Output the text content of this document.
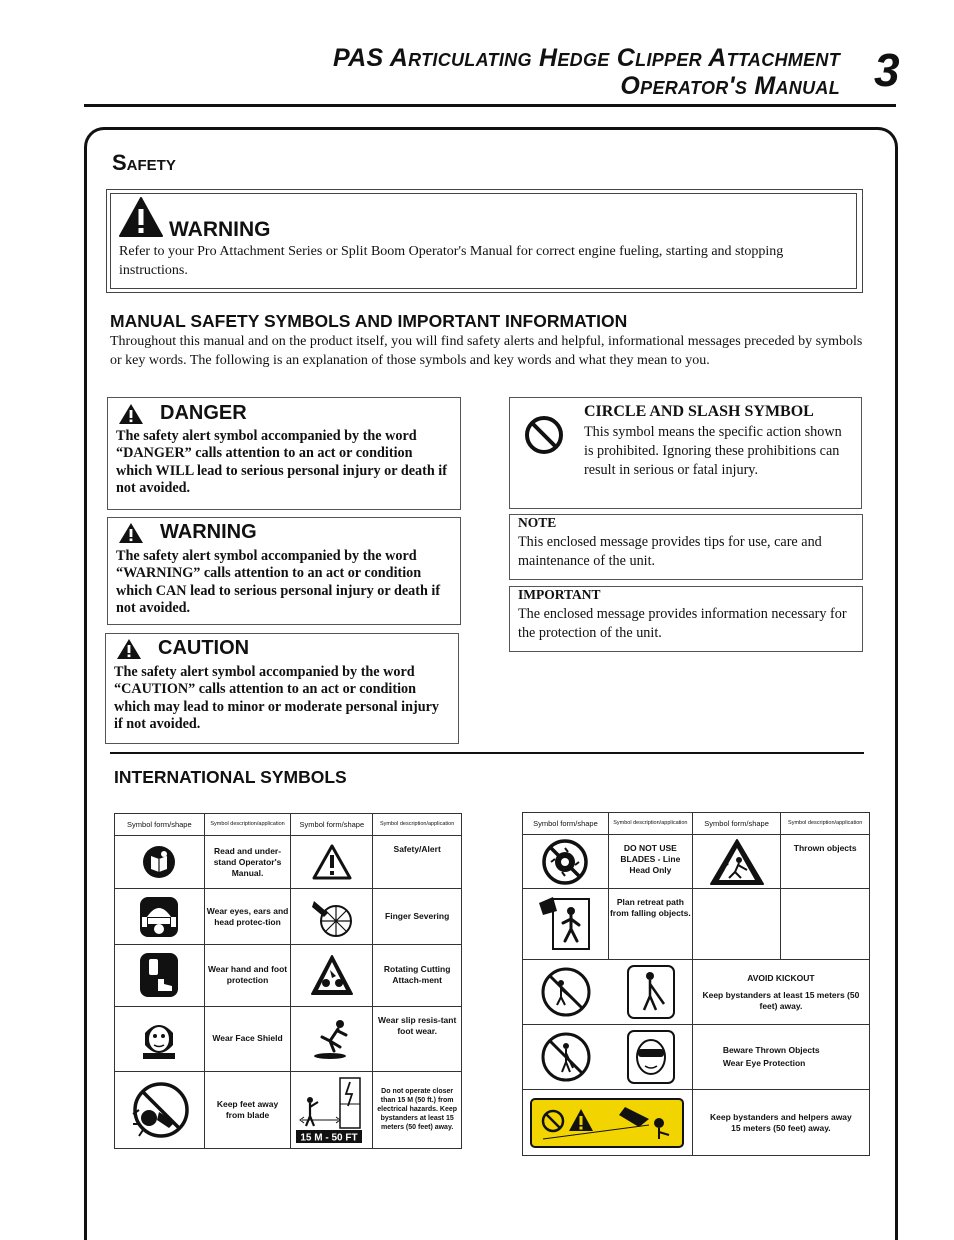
PAS Articulating Hedge Clipper Attachment
Operator's Manual 3
Safety
WARNING
Refer to your Pro Attachment Series or Split Boom Operator's Manual for correct engine fueling, starting and stopping instructions.
MANUAL SAFETY SYMBOLS AND IMPORTANT INFORMATION
Throughout this manual and on the product itself, you will find safety alerts and helpful, informational messages preceded by symbols or key words. The following is an explanation of those symbols and key words and what they mean to you.
DANGER
The safety alert symbol accompanied by the word “DANGER” calls attention to an act or condition which WILL lead to serious personal injury or death if not avoided.
WARNING
The safety alert symbol accompanied by the word “WARNING” calls attention to an act or condition which CAN lead to serious personal injury or death if not avoided.
CAUTION
The safety alert symbol accompanied by the word “CAUTION” calls attention to an act or condition which may lead to minor or moderate personal injury if not avoided.
CIRCLE AND SLASH SYMBOL
This symbol means the specific action shown is prohibited. Ignoring these prohibitions can result in serious or fatal injury.
NOTE
This enclosed message provides tips for use, care and maintenance of the unit.
IMPORTANT
The enclosed message provides information necessary for the protection of the unit.
INTERNATIONAL SYMBOLS
Symbol form/shape	Symbol description/application	Symbol form/shape	Symbol description/application

	Read and under-stand Operator's Manual.		Safety/Alert

	Wear eyes, ears and head protec-tion		Finger Severing

	Wear hand and foot protection		Rotating Cutting Attach-ment

	Wear Face Shield		Wear slip resis-tant foot wear.

	Keep feet away from blade	15 M - 50 FT	Do not operate closer than 15 M (50 ft.) from electrical hazards. Keep bystanders at least 15 meters (50 feet) away.
Symbol form/shape	Symbol description/application	Symbol form/shape	Symbol description/application

	DO NOT USE BLADES - Line Head Only		Thrown objects

	Plan retreat path from falling objects.		

AVOID KICKOUT
Keep bystanders at least 15 meters (50 feet) away.	

Beware Thrown Objects
Wear Eye Protection	

	Keep bystanders and helpers away 15 meters (50 feet) away.	
